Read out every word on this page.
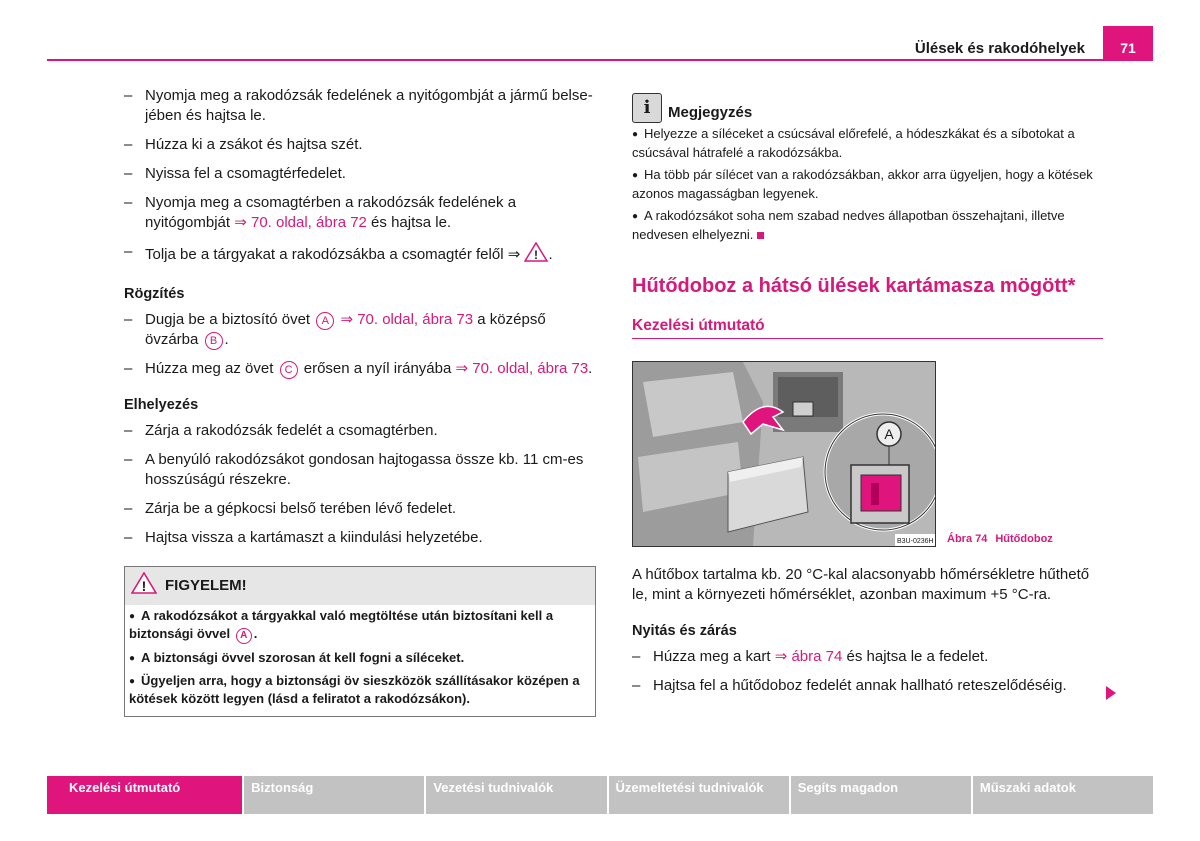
Ülések és rakodóhelyek	71
– Nyomja meg a rakodózsák fedelének a nyitógombját a jármű belse-jében és hajtsa le.
– Húzza ki a zsákot és hajtsa szét.
– Nyissa fel a csomagtérfedelet.
– Nyomja meg a csomagtérben a rakodózsák fedelének a nyitógombját ⇒ 70. oldal, ábra 72 és hajtsa le.
– Tolja be a tárgyakat a rakodózsákba a csomagtér felől ⇒ ! .
Rögzítés
– Dugja be a biztosító övet A ⇒ 70. oldal, ábra 73 a középső övzárba B .
– Húzza meg az övet C erősen a nyíl irányába ⇒ 70. oldal, ábra 73.
Elhelyezés
– Zárja a rakodózsák fedelét a csomagtérben.
– A benyúló rakodózsákot gondosan hajtogassa össze kb. 11 cm-es hosszúságú részekre.
– Zárja be a gépkocsi belső terében lévő fedelet.
– Hajtsa vissza a kartámaszt a kiindulási helyzetébe.
! FIGYELEM!
● A rakodózsákot a tárgyakkal való megtöltése után biztosítani kell a biztonsági övvel A .
● A biztonsági övvel szorosan át kell fogni a síléceket.
● Ügyeljen arra, hogy a biztonsági öv sieszközök szállításakor középen a kötések között legyen (lásd a feliratot a rakodózsákon).
i	Megjegyzés

● Helyezze a síléceket a csúcsával előrefelé, a hódeszkákat és a síbotokat a csúcsával hátrafelé a rakodózsákba.

● Ha több pár sílécet van a rakodózsákban, akkor arra ügyeljen, hogy a kötések azonos magasságban legyenek.

● A rakodózsákot soha nem szabad nedves állapotban összehajtani, illetve nedvesen elhelyezni.

Hűtődoboz a hátsó ülések kartámasza mögött*
Kezelési útmutató
A
B3U-0236H Ábra 74 Hűtődoboz
A hűtőbox tartalma kb. 20 °C-kal alacsonyabb hőmérsékletre hűthető le, mint a környezeti hőmérséklet, azonban maximum +5 °C-ra.
Nyitás és zárás
– Húzza meg a kart ⇒ ábra 74 és hajtsa le a fedelet.
– Hajtsa fel a hűtődoboz fedelét annak hallható reteszelődéséig.
Kezelési útmutató	Biztonság	Vezetési tudnivalók	Üzemeltetési tudnivalók	Segíts magadon	Műszaki adatok
